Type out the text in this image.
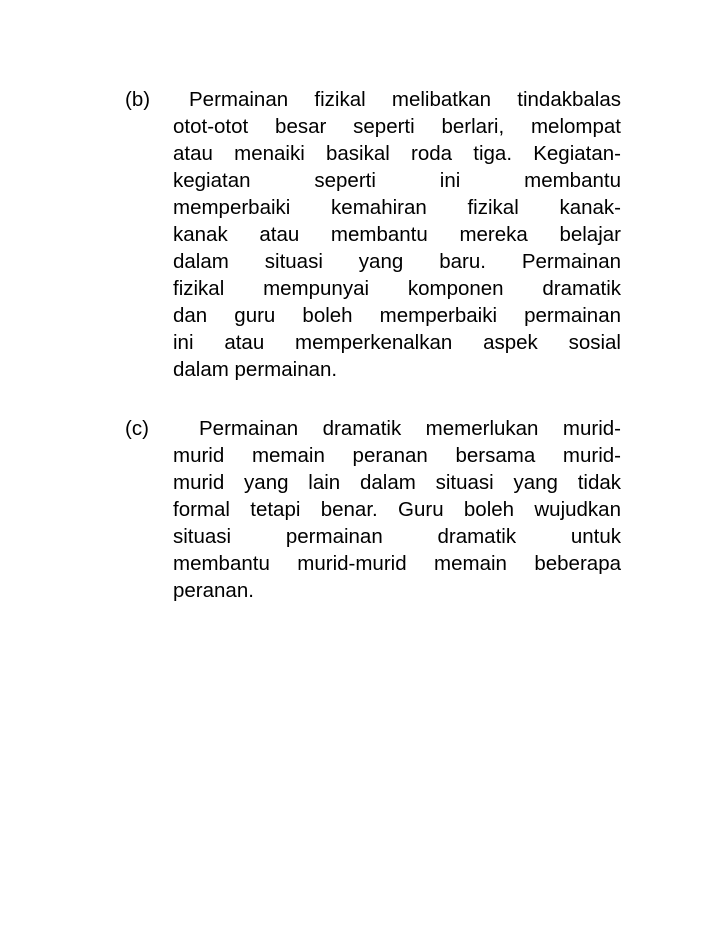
(b)	Permainan fizikal melibatkan tindakbalas
otot-otot besar seperti berlari, melompat
atau menaiki basikal roda tiga. Kegiatan-
kegiatan seperti ini membantu
memperbaiki kemahiran fizikal kanak-
kanak atau membantu mereka belajar
dalam situasi yang baru. Permainan
fizikal mempunyai komponen dramatik
dan guru boleh memperbaiki permainan
ini atau memperkenalkan aspek sosial
dalam permainan.

(c)	Permainan dramatik memerlukan murid-
murid memain peranan bersama murid-
murid yang lain dalam situasi yang tidak
formal tetapi benar. Guru boleh wujudkan
situasi permainan dramatik untuk
membantu murid-murid memain beberapa
peranan.
